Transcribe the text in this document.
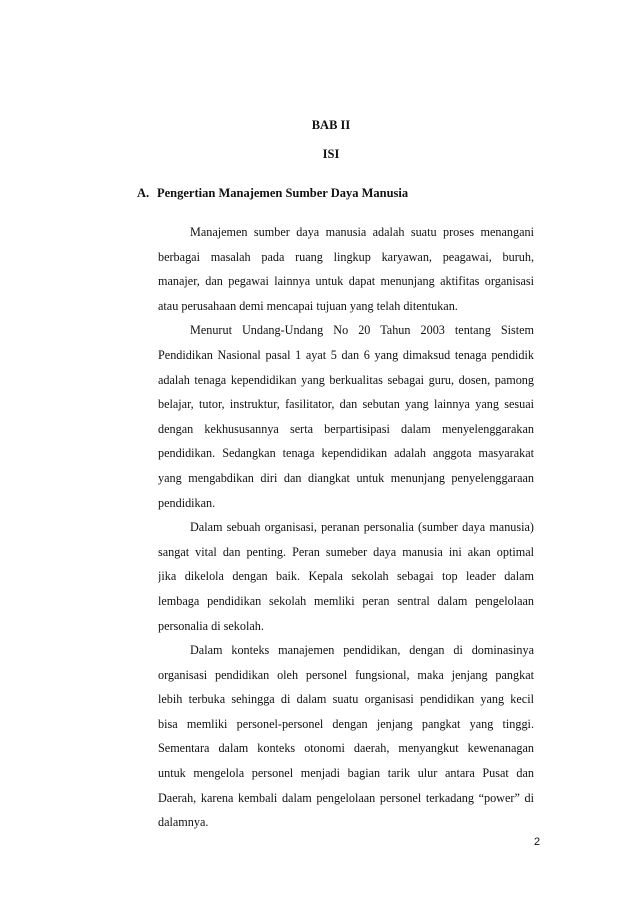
BAB II
ISI
A. Pengertian Manajemen Sumber Daya Manusia
Manajemen sumber daya manusia adalah suatu proses menangani
berbagai masalah pada ruang lingkup karyawan, peagawai, buruh,
manajer, dan pegawai lainnya untuk dapat menunjang aktifitas organisasi
atau perusahaan demi mencapai tujuan yang telah ditentukan.
Menurut Undang-Undang No 20 Tahun 2003 tentang Sistem
Pendidikan Nasional pasal 1 ayat 5 dan 6 yang dimaksud tenaga pendidik
adalah tenaga kependidikan yang berkualitas sebagai guru, dosen, pamong
belajar, tutor, instruktur, fasilitator, dan sebutan yang lainnya yang sesuai
dengan kekhususannya serta berpartisipasi dalam menyelenggarakan
pendidikan. Sedangkan tenaga kependidikan adalah anggota masyarakat
yang mengabdikan diri dan diangkat untuk menunjang penyelenggaraan
pendidikan.
Dalam sebuah organisasi, peranan personalia (sumber daya manusia)
sangat vital dan penting. Peran sumeber daya manusia ini akan optimal
jika dikelola dengan baik. Kepala sekolah sebagai top leader dalam
lembaga pendidikan sekolah memliki peran sentral dalam pengelolaan
personalia di sekolah.
Dalam konteks manajemen pendidikan, dengan di dominasinya
organisasi pendidikan oleh personel fungsional, maka jenjang pangkat
lebih terbuka sehingga di dalam suatu organisasi pendidikan yang kecil
bisa memliki personel-personel dengan jenjang pangkat yang tinggi.
Sementara dalam konteks otonomi daerah, menyangkut kewenanagan
untuk mengelola personel menjadi bagian tarik ulur antara Pusat dan
Daerah, karena kembali dalam pengelolaan personel terkadang “power” di
dalamnya.
2
